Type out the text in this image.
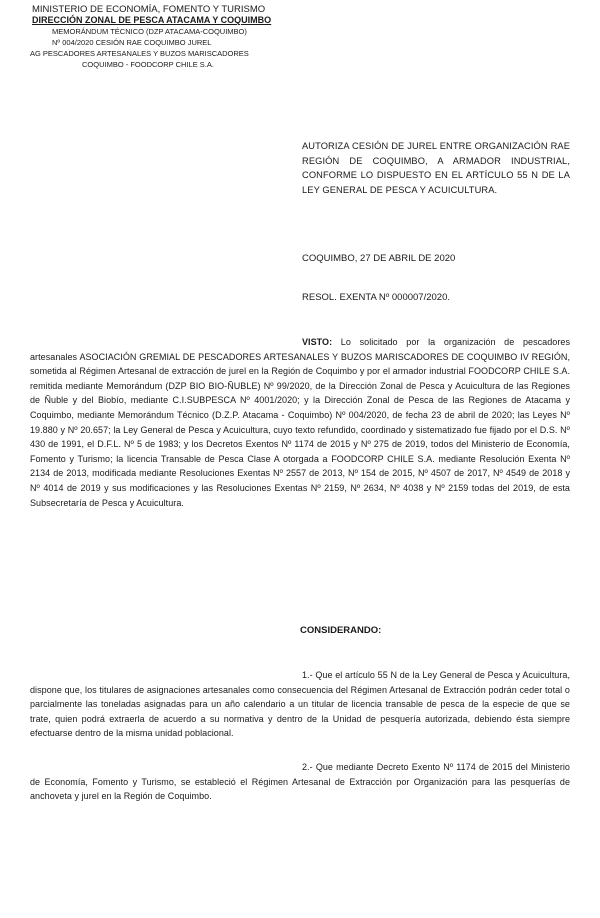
MINISTERIO DE ECONOMÍA, FOMENTO Y TURISMO
DIRECCIÓN ZONAL DE PESCA ATACAMA Y COQUIMBO
MEMORÁNDUM TÉCNICO (DZP ATACAMA-COQUIMBO)
Nº 004/2020 CESIÓN RAE COQUIMBO JUREL
AG PESCADORES ARTESANALES Y BUZOS MARISCADORES
COQUIMBO - FOODCORP CHILE S.A.
AUTORIZA CESIÓN DE JUREL ENTRE ORGANIZACIÓN RAE REGIÓN DE COQUIMBO, A ARMADOR INDUSTRIAL, CONFORME LO DISPUESTO EN EL ARTÍCULO 55 N DE LA LEY GENERAL DE PESCA Y ACUICULTURA.
COQUIMBO, 27 DE ABRIL DE 2020
RESOL. EXENTA Nº 000007/2020.
VISTO: Lo solicitado por la organización de pescadores artesanales ASOCIACIÓN GREMIAL DE PESCADORES ARTESANALES Y BUZOS MARISCADORES DE COQUIMBO IV REGIÓN, sometida al Régimen Artesanal de extracción de jurel en la Región de Coquimbo y por el armador industrial FOODCORP CHILE S.A. remitida mediante Memorándum (DZP BIO BIO-ÑUBLE) Nº 99/2020, de la Dirección Zonal de Pesca y Acuicultura de las Regiones de Ñuble y del Biobío, mediante C.I.SUBPESCA Nº 4001/2020; y la Dirección Zonal de Pesca de las Regiones de Atacama y Coquimbo, mediante Memorándum Técnico (D.Z.P. Atacama - Coquimbo) Nº 004/2020, de fecha 23 de abril de 2020; las Leyes Nº 19.880 y Nº 20.657; la Ley General de Pesca y Acuicultura, cuyo texto refundido, coordinado y sistematizado fue fijado por el D.S. Nº 430 de 1991, el D.F.L. Nº 5 de 1983; y los Decretos Exentos Nº 1174 de 2015 y Nº 275 de 2019, todos del Ministerio de Economía, Fomento y Turismo; la licencia Transable de Pesca Clase A otorgada a FOODCORP CHILE S.A. mediante Resolución Exenta Nº 2134 de 2013, modificada mediante Resoluciones Exentas Nº 2557 de 2013, Nº 154 de 2015, Nº 4507 de 2017, Nº 4549 de 2018 y Nº 4014 de 2019 y sus modificaciones y las Resoluciones Exentas Nº 2159, Nº 2634, Nº 4038 y Nº 2159 todas del 2019, de esta Subsecretaría de Pesca y Acuicultura.
CONSIDERANDO:
1.- Que el artículo 55 N de la Ley General de Pesca y Acuicultura, dispone que, los titulares de asignaciones artesanales como consecuencia del Régimen Artesanal de Extracción podrán ceder total o parcialmente las toneladas asignadas para un año calendario a un titular de licencia transable de pesca de la especie de que se trate, quien podrá extraerla de acuerdo a su normativa y dentro de la Unidad de pesquería autorizada, debiendo ésta siempre efectuarse dentro de la misma unidad poblacional.
2.- Que mediante Decreto Exento Nº 1174 de 2015 del Ministerio de Economía, Fomento y Turismo, se estableció el Régimen Artesanal de Extracción por Organización para las pesquerías de anchoveta y jurel en la Región de Coquimbo.
